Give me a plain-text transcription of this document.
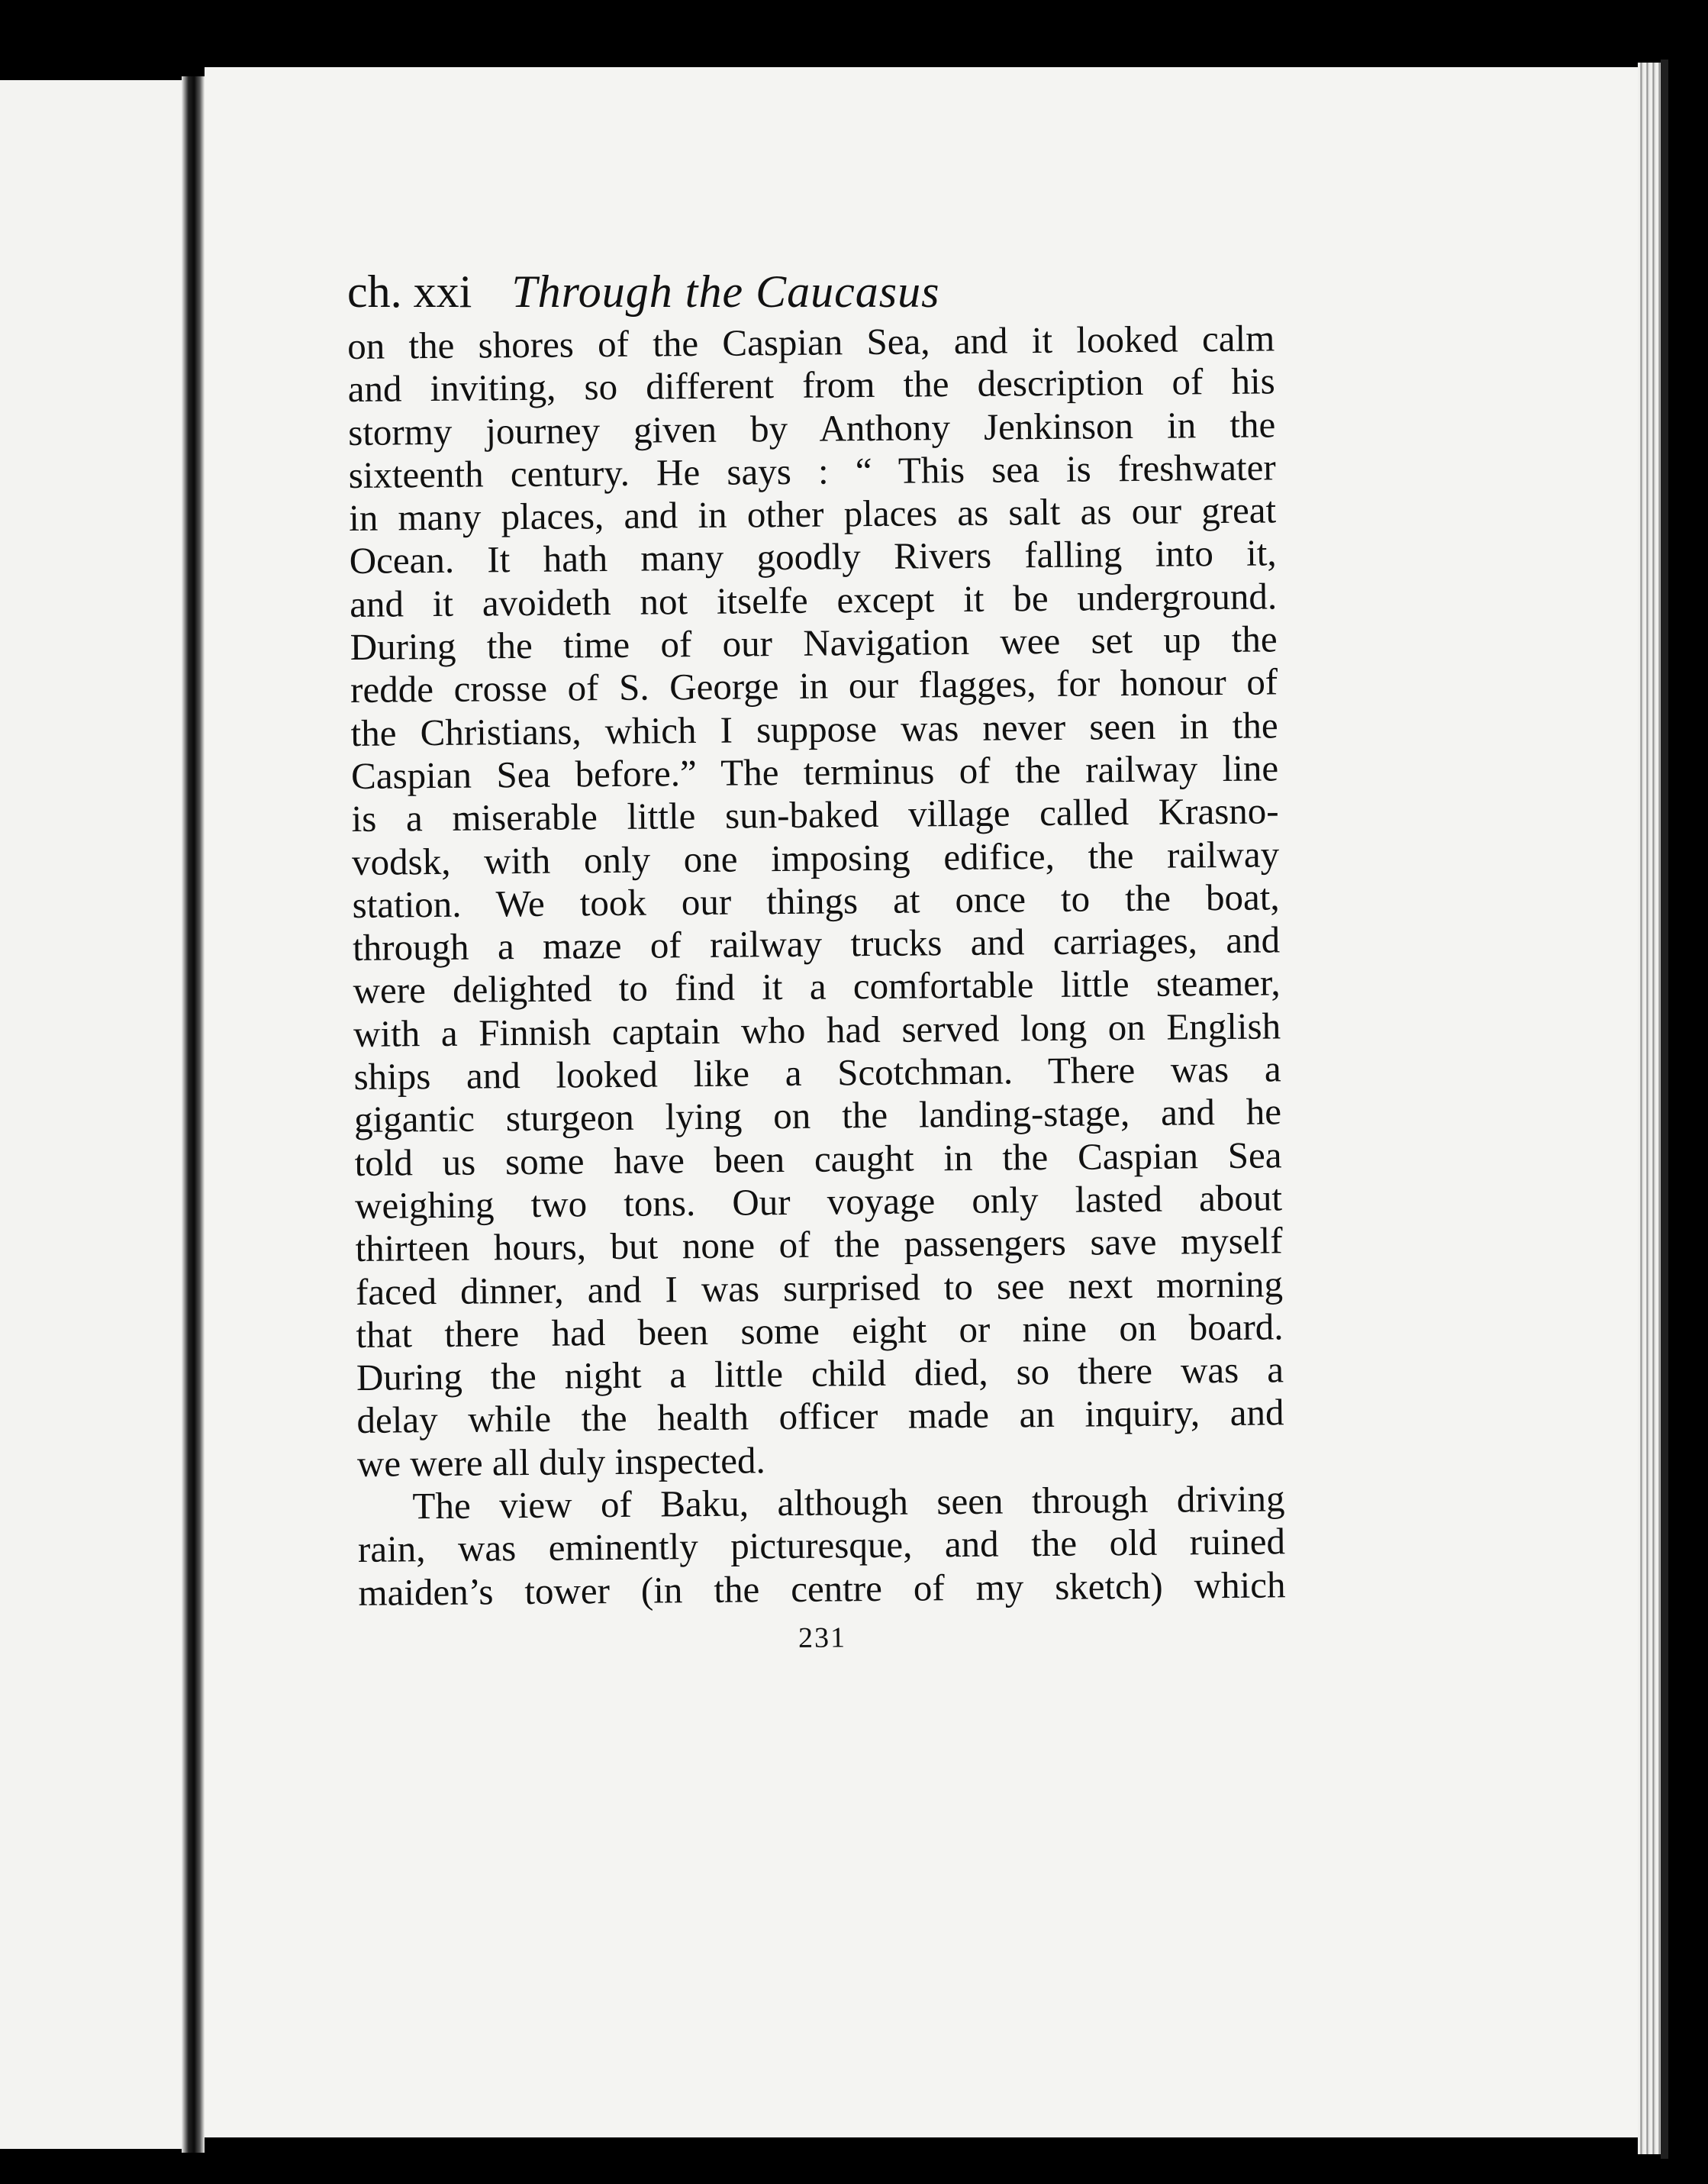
ch. xxi Through the Caucasus
on the shores of the Caspian Sea, and it looked calm
and inviting, so different from the description of his
stormy journey given by Anthony Jenkinson in the
sixteenth century. He says : “ This sea is freshwater
in many places, and in other places as salt as our great
Ocean. It hath many goodly Rivers falling into it,
and it avoideth not itselfe except it be underground.
During the time of our Navigation wee set up the
redde crosse of S. George in our flagges, for honour of
the Christians, which I suppose was never seen in the
Caspian Sea before.” The terminus of the railway line
is a miserable little sun-baked village called Krasno-
vodsk, with only one imposing edifice, the railway
station. We took our things at once to the boat,
through a maze of railway trucks and carriages, and
were delighted to find it a comfortable little steamer,
with a Finnish captain who had served long on English
ships and looked like a Scotchman. There was a
gigantic sturgeon lying on the landing-stage, and he
told us some have been caught in the Caspian Sea
weighing two tons. Our voyage only lasted about
thirteen hours, but none of the passengers save myself
faced dinner, and I was surprised to see next morning
that there had been some eight or nine on board.
During the night a little child died, so there was a
delay while the health officer made an inquiry, and
we were all duly inspected.
The view of Baku, although seen through driving
rain, was eminently picturesque, and the old ruined
maiden’s tower (in the centre of my sketch) which
231
